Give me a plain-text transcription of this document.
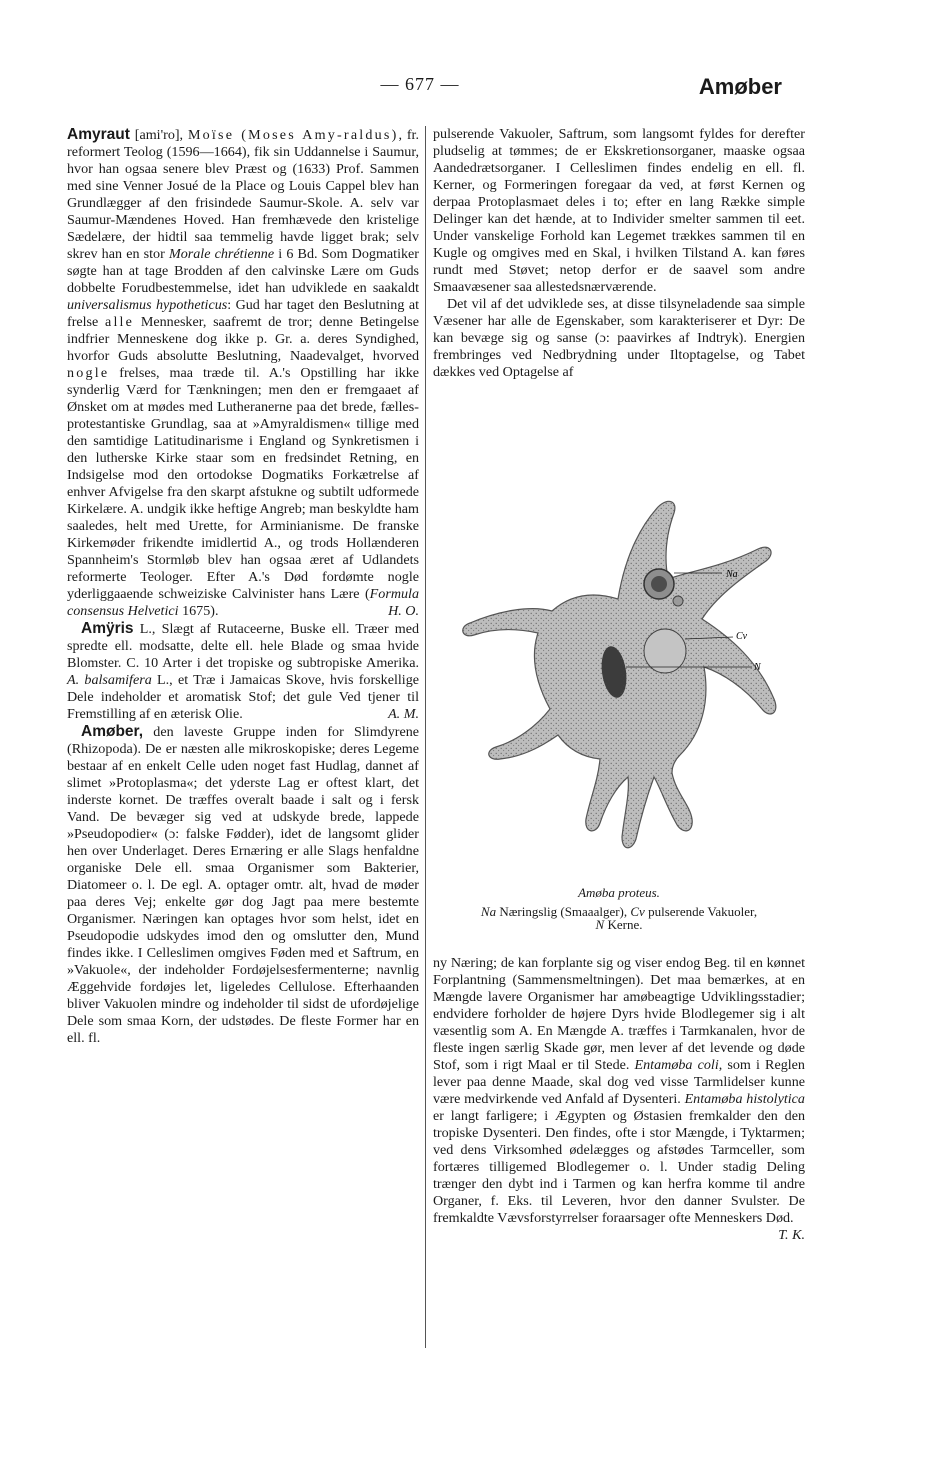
— 677 —	Amøber

Amyraut [ami'ro], Moïse (Moses Amy-raldus), fr. reformert Teolog (1596—1664), fik sin Uddannelse i Saumur, hvor han ogsaa senere blev Præst og (1633) Prof. Sammen med sine Venner Josué de la Place og Louis Cappel blev han Grundlægger af den frisindede Saumur-Skole. A. selv var Saumur-Mændenes Hoved. Han fremhævede den kristelige Sædelære, der hidtil saa temmelig havde ligget brak; selv skrev han en stor Morale chrétienne i 6 Bd. Som Dogmatiker søgte han at tage Brodden af den calvinske Lære om Guds dobbelte Forudbestemmelse, idet han udviklede en saakaldt universalismus hypotheticus: Gud har taget den Beslutning at frelse alle Mennesker, saafremt de tror; denne Betingelse indfrier Menneskene dog ikke p. Gr. a. deres Syndighed, hvorfor Guds absolutte Beslutning, Naadevalget, hvorved nogle frelses, maa træde til. A.'s Opstilling har ikke synderlig Værd for Tænkningen; men den er fremgaaet af Ønsket om at mødes med Lutheranerne paa det brede, fælles-protestantiske Grundlag, saa at »Amyraldismen« tillige med den samtidige Latitudinarisme i England og Synkretismen i den lutherske Kirke staar som en fredsindet Retning, en Indsigelse mod den ortodokse Dogmatiks Forkætrelse af enhver Afvigelse fra den skarpt afstukne og subtilt udformede Kirkelære. A. undgik ikke heftige Angreb; man beskyldte ham saaledes, helt med Urette, for Arminianisme. De franske Kirkemøder frikendte imidlertid A., og trods Hollænderen Spannheim's Stormløb blev han ogsaa æret af Udlandets reformerte Teologer. Efter A.'s Død fordømte nogle yderliggaaende schweiziske Calvinister hans Lære (Formula consensus Helvetici 1675).	H. O.

Amÿris L., Slægt af Rutaceerne, Buske ell. Træer med spredte ell. modsatte, delte ell. hele Blade og smaa hvide Blomster. C. 10 Arter i det tropiske og subtropiske Amerika. A. balsamifera L., et Træ i Jamaicas Skove, hvis forskellige Dele indeholder et aromatisk Stof; det gule Ved tjener til Fremstilling af en æterisk Olie.	A. M.

Amøber, den laveste Gruppe inden for Slimdyrene (Rhizopoda). De er næsten alle mikroskopiske; deres Legeme bestaar af en enkelt Celle uden noget fast Hudlag, dannet af slimet »Protoplasma«; det yderste Lag er oftest klart, det inderste kornet. De træffes overalt baade i salt og i fersk Vand. De bevæger sig ved at udskyde brede, lappede »Pseudopodier« (ɔ: falske Fødder), idet de langsomt glider hen over Underlaget. Deres Ernæring er alle Slags henfaldne organiske Dele ell. smaa Organismer som Bakterier, Diatomeer o. l. De egl. A. optager omtr. alt, hvad de møder paa deres Vej; enkelte gør dog Jagt paa mere bestemte Organismer. Næringen kan optages hvor som helst, idet en Pseudopodie udskydes imod den og omslutter den, Mund findes ikke. I Celleslimen omgives Føden med et Saftrum, en »Vakuole«, der indeholder Fordøjelsesfermenterne; navnlig Æggehvide fordøjes let, ligeledes Cellulose. Efterhaanden bliver Vakuolen mindre og indeholder til sidst de ufordøjelige Dele som smaa Korn, der udstødes. De fleste Former har en ell. fl.

pulserende Vakuoler, Saftrum, som langsomt fyldes for derefter pludselig at tømmes; de er Ekskretionsorganer, maaske ogsaa Aandedrætsorganer. I Celleslimen findes endelig en ell. fl. Kerner, og Formeringen foregaar da ved, at først Kernen og derpaa Protoplasmaet deles i to; efter en lang Række simple Delinger kan det hænde, at to Individer smelter sammen til eet. Under vanskelige Forhold kan Legemet trækkes sammen til en Kugle og omgives med en Skal, i hvilken Tilstand A. kan føres rundt med Støvet; netop derfor er de saavel som andre Smaavæsener saa allestedsnærværende.

Det vil af det udviklede ses, at disse tilsyneladende saa simple Væsener har alle de Egenskaber, som karakteriserer et Dyr: De kan bevæge sig og sanse (ɔ: paavirkes af Indtryk). Energien frembringes ved Nedbrydning under Iltoptagelse, og Tabet dækkes ved Optagelse af

Na
Cv
N
Amøba proteus.
Na Næringslig (Smaaalger), Cv pulserende Vakuoler,
N Kerne.

ny Næring; de kan forplante sig og viser endog Beg. til en kønnet Forplantning (Sammensmeltningen). Det maa bemærkes, at en Mængde lavere Organismer har amøbeagtige Udviklingsstadier; endvidere forholder de højere Dyrs hvide Blodlegemer sig i alt væsentlig som A. En Mængde A. træffes i Tarmkanalen, hvor de fleste ingen særlig Skade gør, men lever af det levende og døde Stof, som i rigt Maal er til Stede. Entamøba coli, som i Reglen lever paa denne Maade, skal dog ved visse Tarmlidelser kunne være medvirkende ved Anfald af Dysenteri. Entamøba histolytica er langt farligere; i Ægypten og Østasien fremkalder den den tropiske Dysenteri. Den findes, ofte i stor Mængde, i Tyktarmen; ved dens Virksomhed ødelægges og afstødes Tarmceller, som fortæres tilligemed Blodlegemer o. l. Under stadig Deling trænger den dybt ind i Tarmen og kan herfra komme til andre Organer, f. Eks. til Leveren, hvor den danner Svulster. De fremkaldte Vævsforstyrrelser foraarsager ofte Menneskers Død.
T. K.
